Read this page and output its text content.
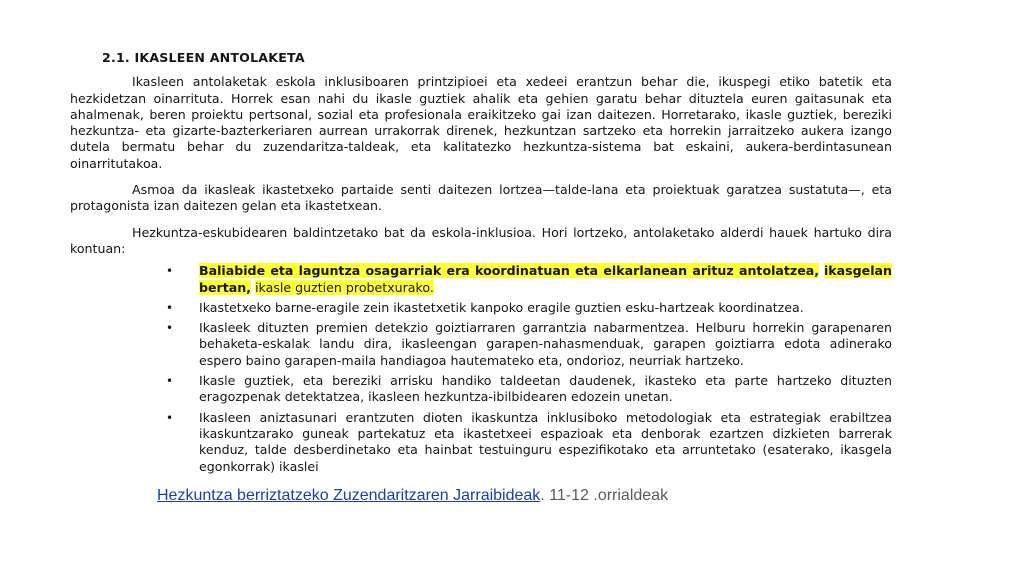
2.1. IKASLEEN ANTOLAKETA

Ikasleen antolaketak eskola inklusiboaren printzipioei eta xedeei erantzun behar die, ikuspegi etiko batetik eta hezkidetzan oinarrituta. Horrek esan nahi du ikasle guztiek ahalik eta gehien garatu behar dituztela euren gaitasunak eta ahalmenak, beren proiektu pertsonal, sozial eta profesionala eraikitzeko gai izan daitezen. Horretarako, ikasle guztiek, bereziki hezkuntza- eta gizarte-bazterkeriaren aurrean urrakorrak direnek, hezkuntzan sartzeko eta horrekin jarraitzeko aukera izango dutela bermatu behar du zuzendaritza-taldeak, eta kalitatezko hezkuntza-sistema bat eskaini, aukera-berdintasunean oinarritutakoa.

Asmoa da ikasleak ikastetxeko partaide senti daitezen lortzea—talde-lana eta proiektuak garatzea sustatuta—, eta protagonista izan daitezen gelan eta ikastetxean.

Hezkuntza-eskubidearen baldintzetako bat da eskola-inklusioa. Hori lortzeko, antolaketako alderdi hauek hartuko dira kontuan:

• Baliabide eta laguntza osagarriak era koordinatuan eta elkarlanean arituz antolatzea, ikasgelan bertan, ikasle guztien probetxurako.
• Ikastetxeko barne-eragile zein ikastetxetik kanpoko eragile guztien esku-hartzeak koordinatzea.
• Ikasleek dituzten premien detekzio goiztiarraren garrantzia nabarmentzea. Helburu horrekin garapenaren behaketa-eskalak landu dira, ikasleengan garapen-nahasmenduak, garapen goiztiarra edota adinerako espero baino garapen-maila handiagoa hautemateko eta, ondorioz, neurriak hartzeko.
• Ikasle guztiek, eta bereziki arrisku handiko taldeetan daudenek, ikasteko eta parte hartzeko dituzten eragozpenak detektatzea, ikasleen hezkuntza-ibilbidearen edozein unetan.
• Ikasleen aniztasunari erantzuten dioten ikaskuntza inklusiboko metodologiak eta estrategiak erabiltzea ikaskuntzarako guneak partekatuz eta ikastetxeei espazioak eta denborak ezartzen dizkieten barrerak kenduz, talde desberdinetako eta hainbat testuinguru espezifikotako eta arruntetako (esaterako, ikasgela egonkorrak) ikaslei
Hezkuntza berriztatzeko Zuzendaritzaren Jarraibideak. 11-12 .orrialdeak
